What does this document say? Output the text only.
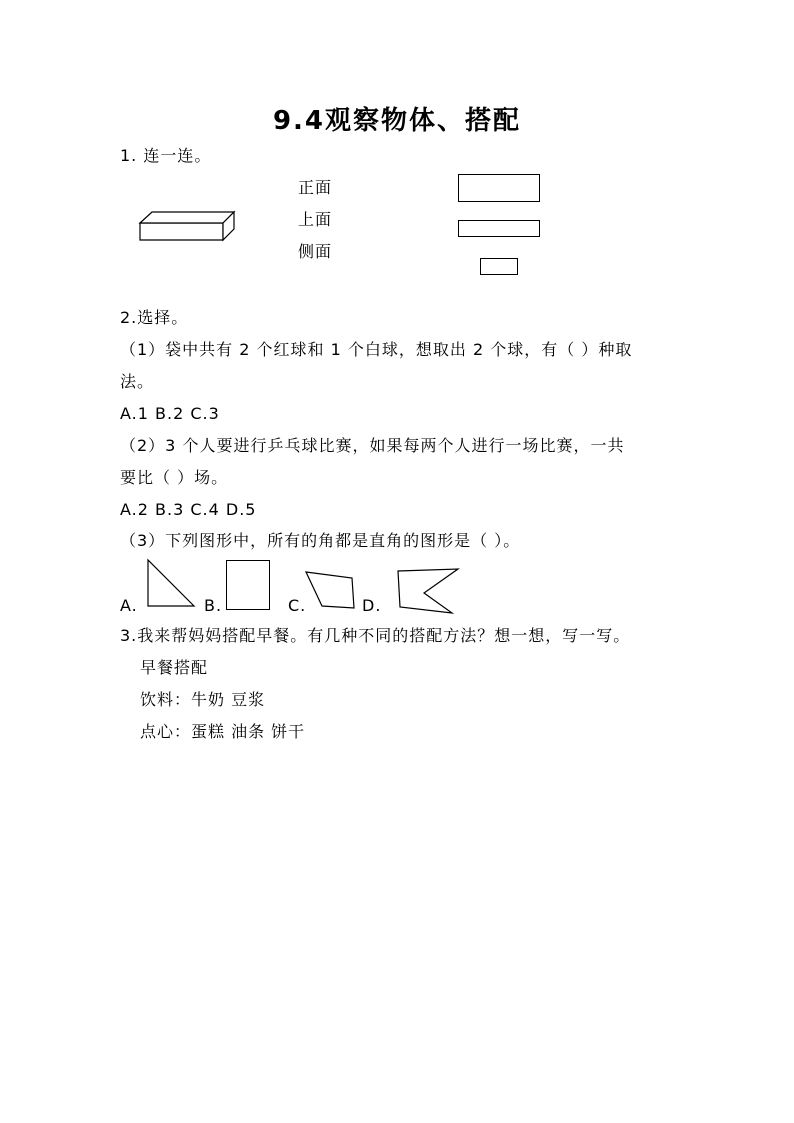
9.4观察物体、搭配
1. 连一连。
正面
上面
侧面
2.选择。
（1）袋中共有 2 个红球和 1 个白球，想取出 2 个球，有（ ）种取
法。
A.1 B.2 C.3
（2）3 个人要进行乒乓球比赛，如果每两个人进行一场比赛，一共
要比（ ）场。
A.2 B.3 C.4 D.5
（3）下列图形中，所有的角都是直角的图形是（ ）。
A.	B.	C.	D.
3.我来帮妈妈搭配早餐。有几种不同的搭配方法？想一想，写一写。
早餐搭配
饮料：牛奶 豆浆
点心：蛋糕 油条 饼干
